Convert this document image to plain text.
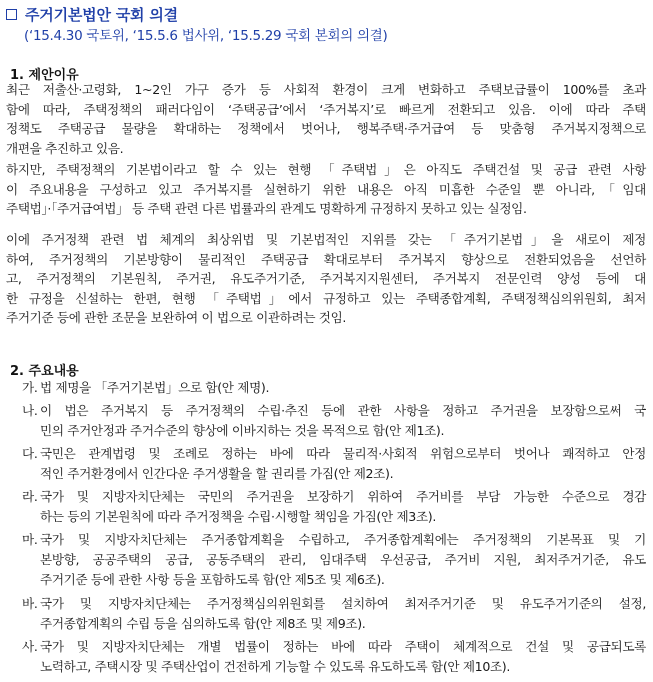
주거기본법안 국회 의결
(‘15.4.30 국토위, ‘15.5.6 법사위, ‘15.5.29 국회 본회의 의결)
1. 제안이유
최근 저출산·고령화, 1~2인 가구 증가 등 사회적 환경이 크게 변화하고 주택보급률이 100%를 초과
함에 따라, 주택정책의 패러다임이 ‘주택공급’에서 ‘주거복지’로 빠르게 전환되고 있음. 이에 따라 주택
정책도 주택공급 물량을 확대하는 정책에서 벗어나, 행복주택·주거급여 등 맞춤형 주거복지정책으로
개편을 추진하고 있음.
하지만, 주택정책의 기본법이라고 할 수 있는 현행 「주택법」은 아직도 주택건설 및 공급 관련 사항
이 주요내용을 구성하고 있고 주거복지를 실현하기 위한 내용은 아직 미흡한 수준일 뿐 아니라,「임대
주택법」·「주거급여법」 등 주택 관련 다른 법률과의 관계도 명확하게 규정하지 못하고 있는 실정임.
이에 주거정책 관련 법 체계의 최상위법 및 기본법적인 지위를 갖는 「주거기본법」을 새로이 제정
하여, 주거정책의 기본방향이 물리적인 주택공급 확대로부터 주거복지 향상으로 전환되었음을 선언하
고, 주거정책의 기본원칙, 주거권, 유도주거기준, 주거복지지원센터, 주거복지 전문인력 양성 등에 대
한 규정을 신설하는 한편, 현행 「주택법」에서 규정하고 있는 주택종합계획, 주택정책심의위원회, 최저
주거기준 등에 관한 조문을 보완하여 이 법으로 이관하려는 것임.
2. 주요내용
가. 법 제명을 「주거기본법」으로 함(안 제명).
나. 이 법은 주거복지 등 주거정책의 수립·추진 등에 관한 사항을 정하고 주거권을 보장함으로써 국
민의 주거안정과 주거수준의 향상에 이바지하는 것을 목적으로 함(안 제1조).
다. 국민은 관계법령 및 조례로 정하는 바에 따라 물리적·사회적 위험으로부터 벗어나 쾌적하고 안정
적인 주거환경에서 인간다운 주거생활을 할 권리를 가짐(안 제2조).
라. 국가 및 지방자치단체는 국민의 주거권을 보장하기 위하여 주거비를 부담 가능한 수준으로 경감
하는 등의 기본원칙에 따라 주거정책을 수립·시행할 책임을 가짐(안 제3조).
마. 국가 및 지방자치단체는 주거종합계획을 수립하고, 주거종합계획에는 주거정책의 기본목표 및 기
본방향, 공공주택의 공급, 공동주택의 관리, 임대주택 우선공급, 주거비 지원, 최저주거기준, 유도
주거기준 등에 관한 사항 등을 포함하도록 함(안 제5조 및 제6조).
바. 국가 및 지방자치단체는 주거정책심의위원회를 설치하여 최저주거기준 및 유도주거기준의 설정,
주거종합계획의 수립 등을 심의하도록 함(안 제8조 및 제9조).
사. 국가 및 지방자치단체는 개별 법률이 정하는 바에 따라 주택이 체계적으로 건설 및 공급되도록
노력하고, 주택시장 및 주택산업이 건전하게 기능할 수 있도록 유도하도록 함(안 제10조).
